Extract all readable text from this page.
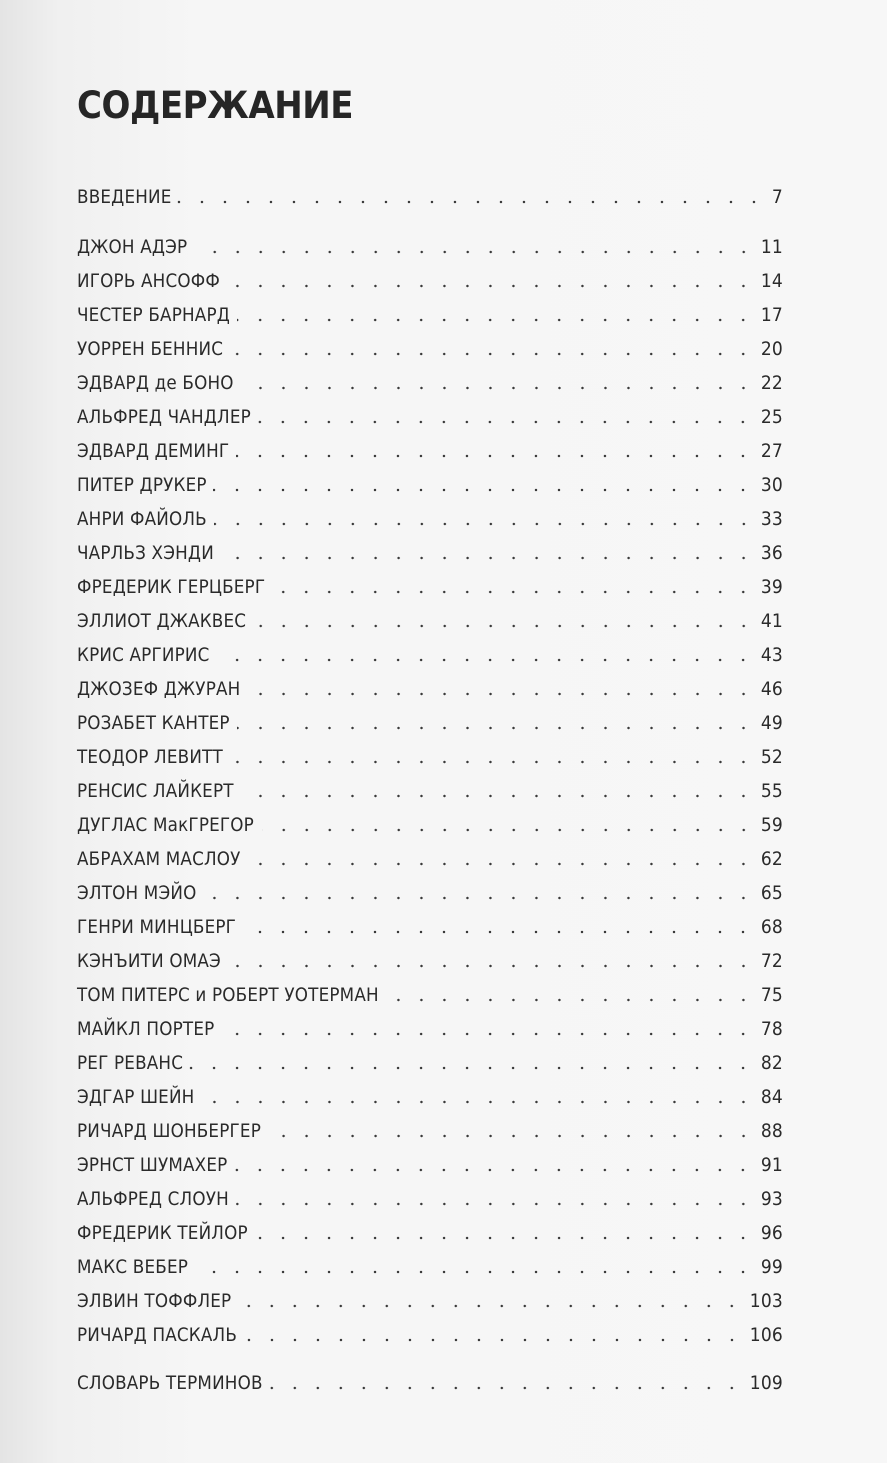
СОДЕРЖАНИЕ
ВВЕДЕНИЕ	7
ДЖОН АДЭР	11
ИГОРЬ АНСОФФ	14
ЧЕСТЕР БАРНАРД	17
УОРРЕН БЕННИС	20
ЭДВАРД де БОНО	22
АЛЬФРЕД ЧАНДЛЕР	25
ЭДВАРД ДЕМИНГ	27
ПИТЕР ДРУКЕР	30
АНРИ ФАЙОЛЬ	33
ЧАРЛЬЗ ХЭНДИ	36
ФРЕДЕРИК ГЕРЦБЕРГ	39
ЭЛЛИОТ ДЖАКВЕС	41
КРИС АРГИРИС	43
ДЖОЗЕФ ДЖУРАН	46
РОЗАБЕТ КАНТЕР	49
ТЕОДОР ЛЕВИТТ	52
РЕНСИС ЛАЙКЕРТ	55
ДУГЛАС МакГРЕГОР	59
АБРАХАМ МАСЛОУ	62
ЭЛТОН МЭЙО	65
ГЕНРИ МИНЦБЕРГ	68
КЭНЪИТИ ОМАЭ	72
ТОМ ПИТЕРС и РОБЕРТ УОТЕРМАН	75
МАЙКЛ ПОРТЕР	78
РЕГ РЕВАНС	82
ЭДГАР ШЕЙН	84
РИЧАРД ШОНБЕРГЕР	88
ЭРНСТ ШУМАХЕР	91
АЛЬФРЕД СЛОУН	93
ФРЕДЕРИК ТЕЙЛОР	96
МАКС ВЕБЕР	99
ЭЛВИН ТОФФЛЕР	103
РИЧАРД ПАСКАЛЬ	106
СЛОВАРЬ ТЕРМИНОВ	109
